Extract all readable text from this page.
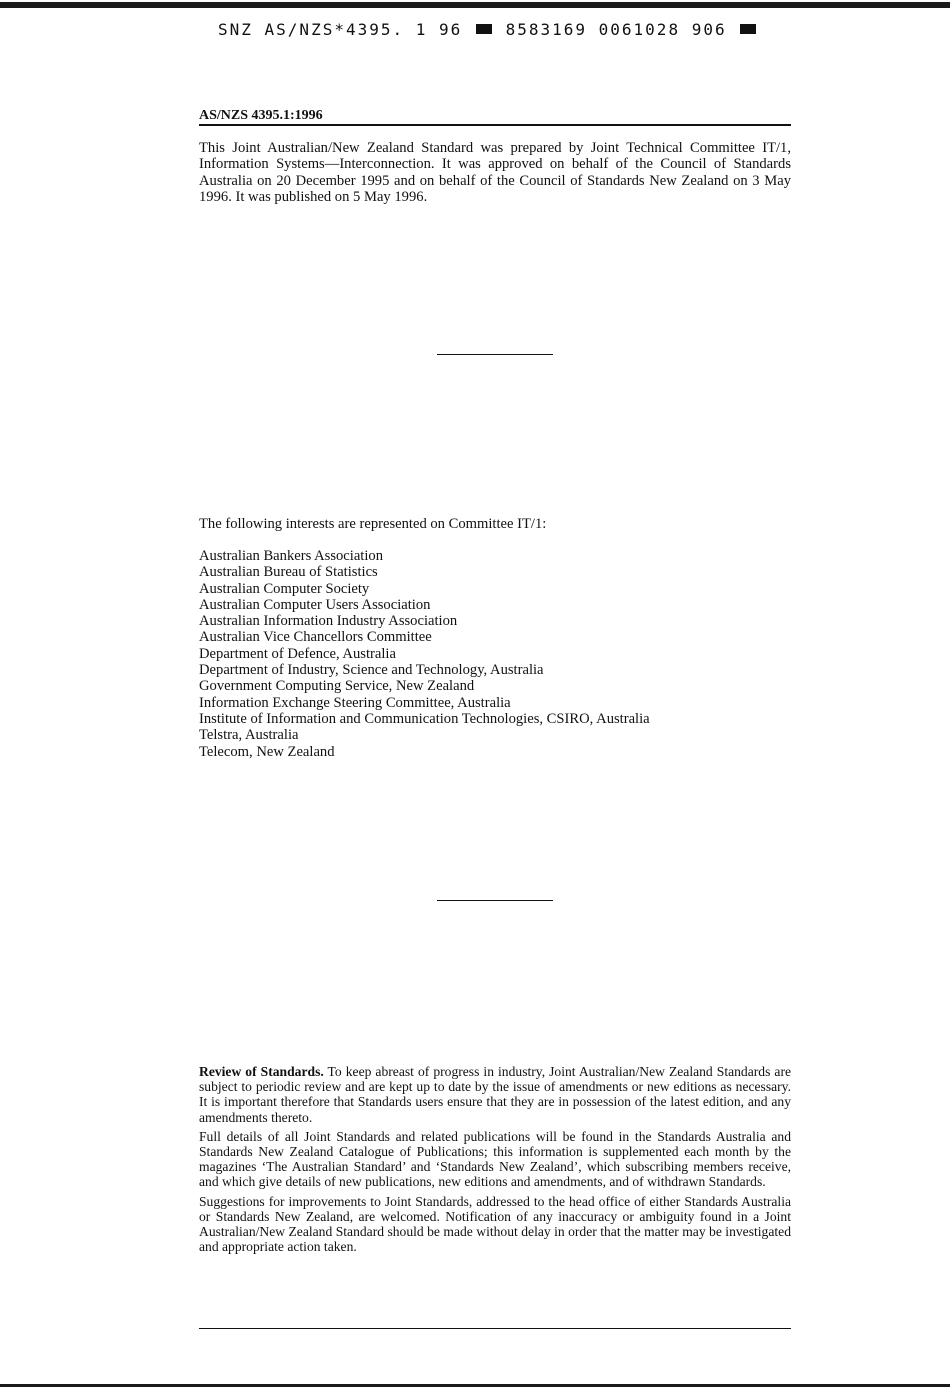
SNZ AS/NZS*4395. 1 96	8583169 0061028 906
AS/NZS 4395.1:1996
This Joint Australian/New Zealand Standard was prepared by Joint Technical Committee IT/1, Information Systems—Interconnection. It was approved on behalf of the Council of Standards Australia on 20 December 1995 and on behalf of the Council of Standards New Zealand on 3 May 1996. It was published on 5 May 1996.
The following interests are represented on Committee IT/1:
Australian Bankers Association
Australian Bureau of Statistics
Australian Computer Society
Australian Computer Users Association
Australian Information Industry Association
Australian Vice Chancellors Committee
Department of Defence, Australia
Department of Industry, Science and Technology, Australia
Government Computing Service, New Zealand
Information Exchange Steering Committee, Australia
Institute of Information and Communication Technologies, CSIRO, Australia
Telstra, Australia
Telecom, New Zealand

Review of Standards. To keep abreast of progress in industry, Joint Australian/New Zealand Standards are subject to periodic review and are kept up to date by the issue of amendments or new editions as necessary. It is important therefore that Standards users ensure that they are in possession of the latest edition, and any amendments thereto.

Full details of all Joint Standards and related publications will be found in the Standards Australia and Standards New Zealand Catalogue of Publications; this information is supplemented each month by the magazines ‘The Australian Standard’ and ‘Standards New Zealand’, which subscribing members receive, and which give details of new publications, new editions and amendments, and of withdrawn Standards.

Suggestions for improvements to Joint Standards, addressed to the head office of either Standards Australia or Standards New Zealand, are welcomed. Notification of any inaccuracy or ambiguity found in a Joint Australian/New Zealand Standard should be made without delay in order that the matter may be investigated and appropriate action taken.
